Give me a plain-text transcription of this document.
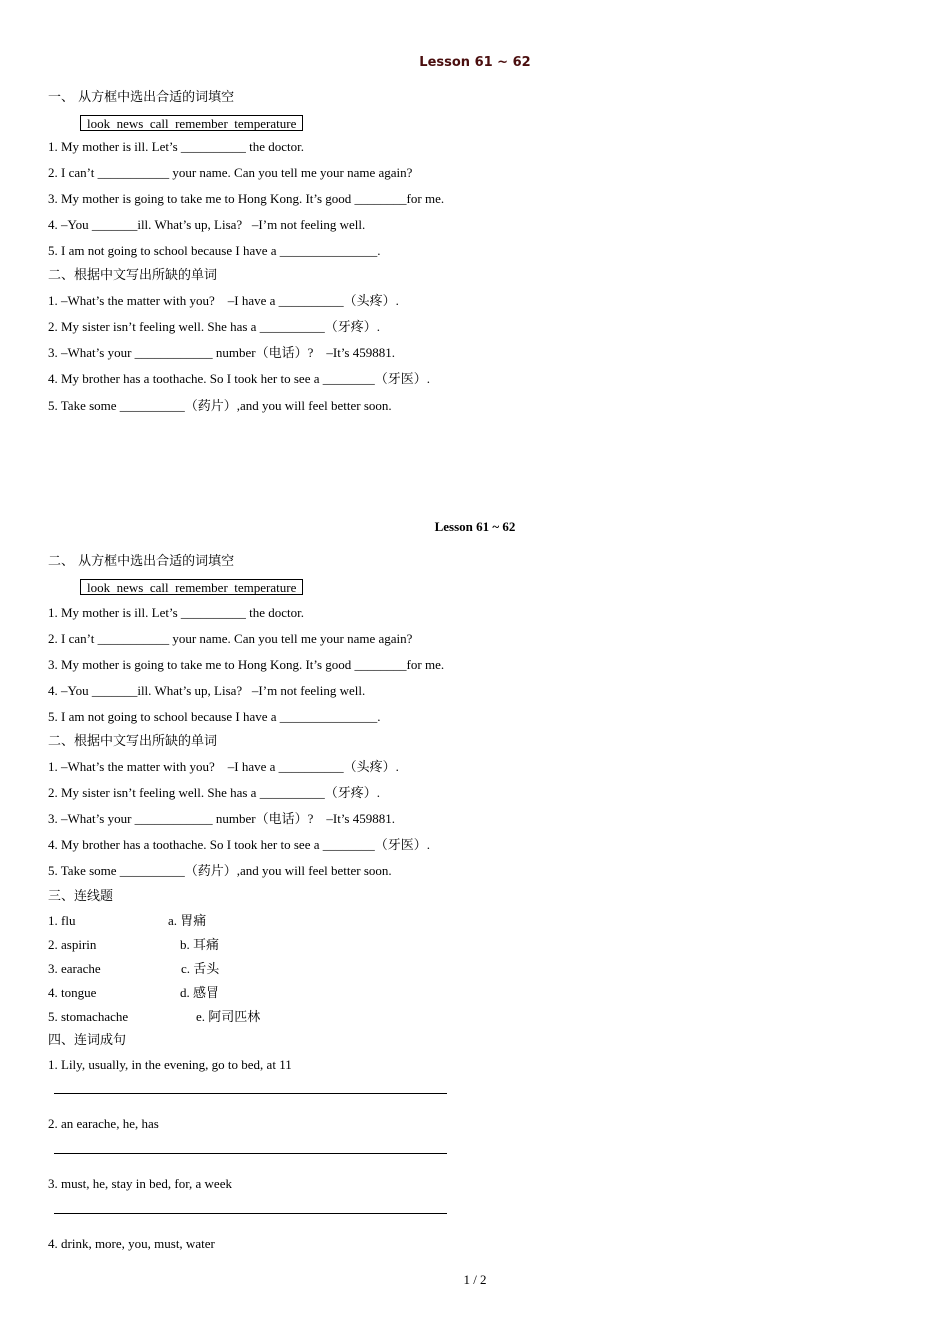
Lesson 61 ~ 62
一、 从方框中选出合适的词填空
look  news  call  remember  temperature
1. My mother is ill. Let’s __________ the doctor.
2. I can’t ___________ your name. Can you tell me your name again?
3. My mother is going to take me to Hong Kong. It’s good ________for me.
4. –You _______ill. What’s up, Lisa?   –I’m not feeling well.
5. I am not going to school because I have a _______________.
二、根据中文写出所缺的单词
1. –What’s the matter with you?    –I have a __________（头疼）.
2. My sister isn’t feeling well. She has a __________（牙疼）.
3. –What’s your ____________ number（电话）?    –It’s 459881.
4. My brother has a toothache. So I took her to see a ________（牙医）.
5. Take some __________（药片）,and you will feel better soon.
Lesson 61 ~ 62
二、 从方框中选出合适的词填空
look  news  call  remember  temperature
1. My mother is ill. Let’s __________ the doctor.
2. I can’t ___________ your name. Can you tell me your name again?
3. My mother is going to take me to Hong Kong. It’s good ________for me.
4. –You _______ill. What’s up, Lisa?   –I’m not feeling well.
5. I am not going to school because I have a _______________.
二、根据中文写出所缺的单词
1. –What’s the matter with you?    –I have a __________（头疼）.
2. My sister isn’t feeling well. She has a __________（牙疼）.
3. –What’s your ____________ number（电话）?    –It’s 459881.
4. My brother has a toothache. So I took her to see a ________（牙医）.
5. Take some __________（药片）,and you will feel better soon.
三、连线题
1. flu	a. 胃痛
2. aspirin	b. 耳痛
3. earache	c. 舌头
4. tongue	d. 感冒
5. stomachache	e. 阿司匹林
四、连词成句
1. Lily, usually, in the evening, go to bed, at 11
2. an earache, he, has
3. must, he, stay in bed, for, a week
4. drink, more, you, must, water
1 / 2
